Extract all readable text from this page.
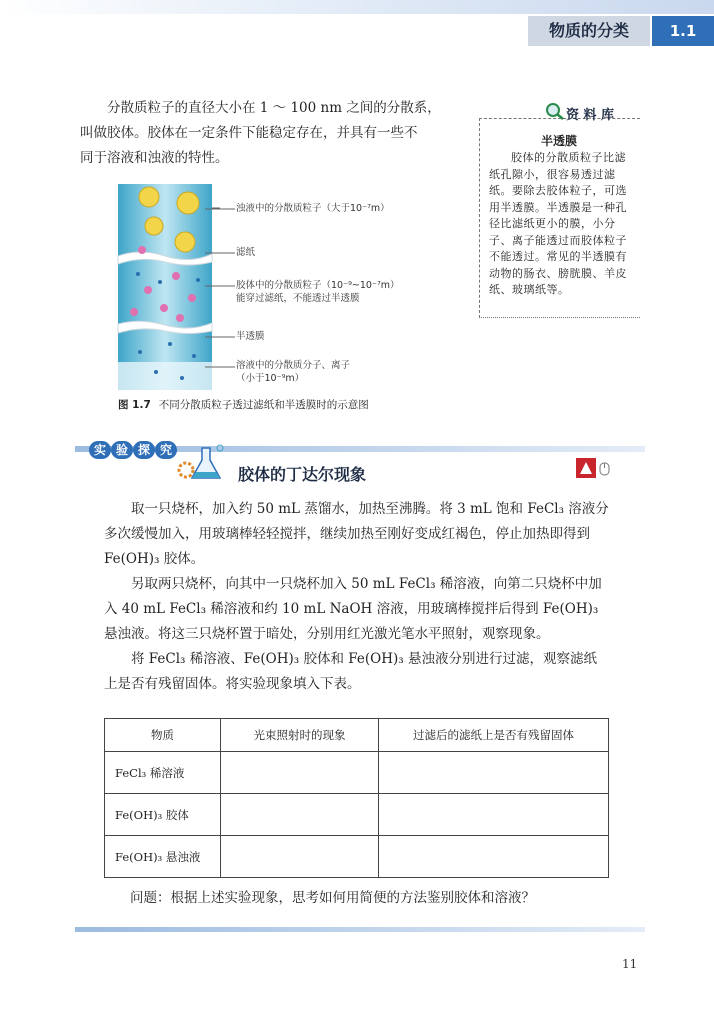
物质的分类	1.1
分散质粒子的直径大小在 1 ～ 100 nm 之间的分散系，
叫做胶体。胶体在一定条件下能稳定存在，并具有一些不
同于溶液和浊液的特性。
资 料 库
半透膜
胶体的分散质粒子比滤纸孔隙小，很容易透过滤纸。要除去胶体粒子，可选用半透膜。半透膜是一种孔径比滤纸更小的膜，小分子、离子能透过而胶体粒子不能透过。常见的半透膜有动物的肠衣、膀胱膜、羊皮纸、玻璃纸等。
浊液中的分散质粒子（大于10⁻⁷m）
滤纸
胶体中的分散质粒子（10⁻⁹~10⁻⁷m）
能穿过滤纸，不能透过半透膜
半透膜
溶液中的分散质分子、离子
（小于10⁻⁹m）
图 1.7 不同分散质粒子透过滤纸和半透膜时的示意图
实 验 探 究
胶体的丁达尔现象

取一只烧杯，加入约 50 mL 蒸馏水，加热至沸腾。将 3 mL 饱和 FeCl₃ 溶液分多次缓慢加入，用玻璃棒轻轻搅拌，继续加热至刚好变成红褐色，停止加热即得到 Fe(OH)₃ 胶体。

另取两只烧杯，向其中一只烧杯加入 50 mL FeCl₃ 稀溶液，向第二只烧杯中加入 40 mL FeCl₃ 稀溶液和约 10 mL NaOH 溶液，用玻璃棒搅拌后得到 Fe(OH)₃ 悬浊液。将这三只烧杯置于暗处，分别用红光激光笔水平照射，观察现象。

将 FeCl₃ 稀溶液、Fe(OH)₃ 胶体和 Fe(OH)₃ 悬浊液分别进行过滤，观察滤纸上是否有残留固体。将实验现象填入下表。

物质	光束照射时的现象	过滤后的滤纸上是否有残留固体
FeCl₃ 稀溶液		
Fe(OH)₃ 胶体		
Fe(OH)₃ 悬浊液		
问题：根据上述实验现象，思考如何用简便的方法鉴别胶体和溶液？
11
